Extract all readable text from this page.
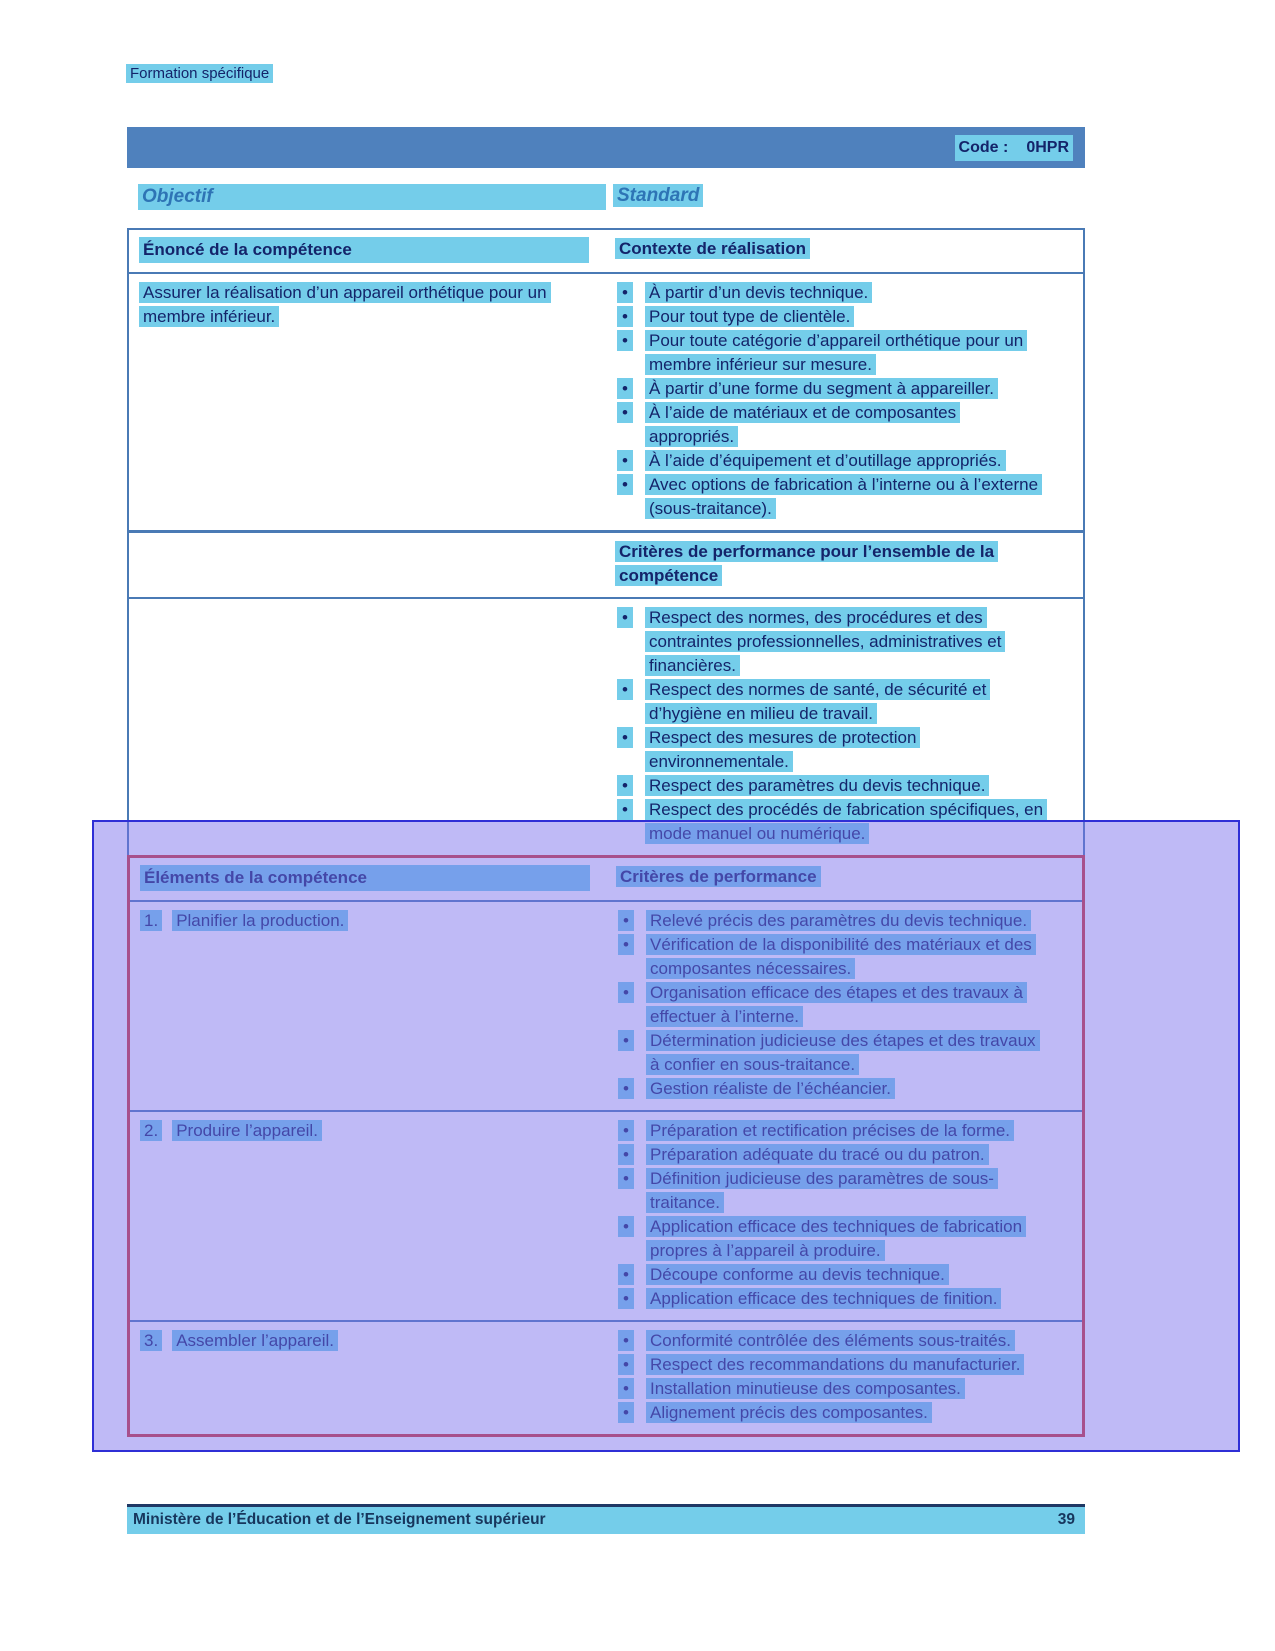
Formation spécifique
Code : 0HPR
Objectif	Standard
Énoncé de la compétence	Contexte de réalisation
Assurer la réalisation d’un appareil orthétique pour un membre inférieur.
•	À partir d’un devis technique.
•	Pour tout type de clientèle.
•	Pour toute catégorie d’appareil orthétique pour un membre inférieur sur mesure.
•	À partir d’une forme du segment à appareiller.
•	À l’aide de matériaux et de composantes appropriés.
•	À l’aide d’équipement et d’outillage appropriés.
•	Avec options de fabrication à l’interne ou à l’externe (sous-traitance).
Critères de performance pour l’ensemble de la compétence
•	Respect des normes, des procédures et des contraintes professionnelles, administratives et financières.
•	Respect des normes de santé, de sécurité et d’hygiène en milieu de travail.
•	Respect des mesures de protection environnementale.
•	Respect des paramètres du devis technique.
•	Respect des procédés de fabrication spécifiques, en mode manuel ou numérique.
Éléments de la compétence	Critères de performance
1. Planifier la production.	•	Relevé précis des paramètres du devis technique.
•	Vérification de la disponibilité des matériaux et des composantes nécessaires.
•	Organisation efficace des étapes et des travaux à effectuer à l’interne.
•	Détermination judicieuse des étapes et des travaux à confier en sous-traitance.
•	Gestion réaliste de l’échéancier.
2. Produire l’appareil.	•	Préparation et rectification précises de la forme.
•	Préparation adéquate du tracé ou du patron.
•	Définition judicieuse des paramètres de sous-traitance.
•	Application efficace des techniques de fabrication propres à l’appareil à produire.
•	Découpe conforme au devis technique.
•	Application efficace des techniques de finition.
3. Assembler l’appareil.	•	Conformité contrôlée des éléments sous-traités.
•	Respect des recommandations du manufacturier.
•	Installation minutieuse des composantes.
•	Alignement précis des composantes.
Ministère de l’Éducation et de l’Enseignement supérieur	39
